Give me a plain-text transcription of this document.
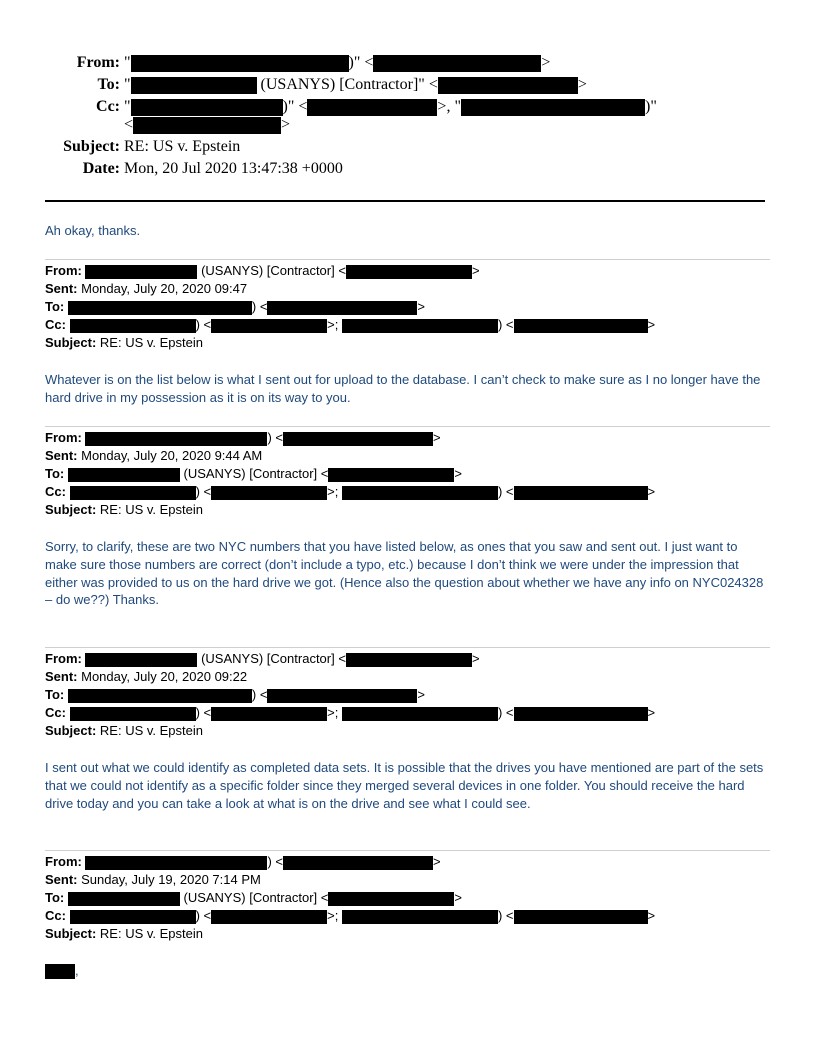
From: "	)" <	>
To: "	(USANYS) [Contractor]" <	>
Cc: "	)" <	>, "	)"
<	>
Subject: RE: US v. Epstein
Date: Mon, 20 Jul 2020 13:47:38 +0000
Ah okay, thanks.
From:	(USANYS) [Contractor] <	>
Sent: Monday, July 20, 2020 09:47
To:	) <	>
Cc:	) <	>;	) <	>
Subject: RE: US v. Epstein
Whatever is on the list below is what I sent out for upload to the database. I can’t check to make sure as I no longer have the hard drive in my possession as it is on its way to you.
From:	) <	>
Sent: Monday, July 20, 2020 9:44 AM
To:	(USANYS) [Contractor] <	>
Cc:	) <	>;	) <	>
Subject: RE: US v. Epstein
Sorry, to clarify, these are two NYC numbers that you have listed below, as ones that you saw and sent out. I just want to make sure those numbers are correct (don’t include a typo, etc.) because I don’t think we were under the impression that either was provided to us on the hard drive we got. (Hence also the question about whether we have any info on NYC024328 – do we??) Thanks.
From:	(USANYS) [Contractor] <	>
Sent: Monday, July 20, 2020 09:22
To:	) <	>
Cc:	) <	>;	) <	>
Subject: RE: US v. Epstein
I sent out what we could identify as completed data sets. It is possible that the drives you have mentioned are part of the sets that we could not identify as a specific folder since they merged several devices in one folder. You should receive the hard drive today and you can take a look at what is on the drive and see what I could see.
From:	) <	>
Sent: Sunday, July 19, 2020 7:14 PM
To:	(USANYS) [Contractor] <	>
Cc:	) <	>;	) <	>
Subject: RE: US v. Epstein
,
